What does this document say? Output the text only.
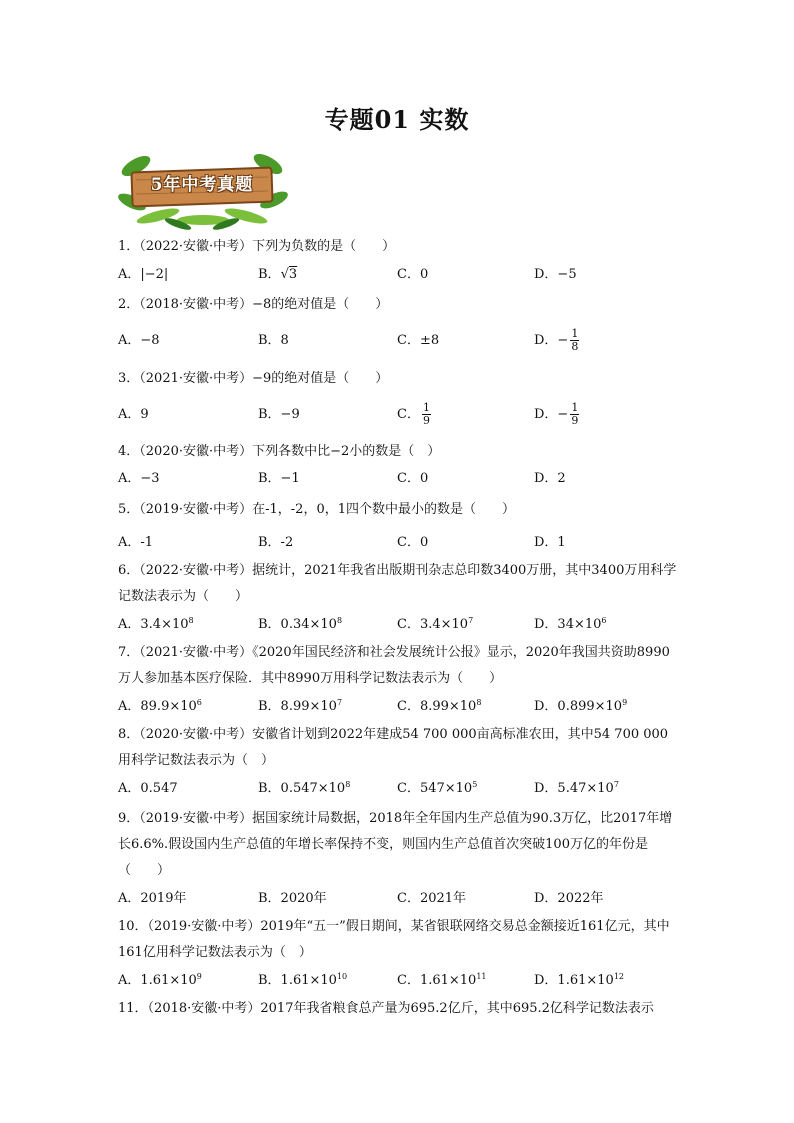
专题01 实数
5年中考真题
1．（2022·安徽·中考）下列为负数的是（　　）
A．|−2|	B．√3	C．0	D．−5
2．（2018·安徽·中考）−8的绝对值是（　　）
A．−8	B．8	C．±8	D．− $\frac{1}{8}$
3．（2021·安徽·中考）−9的绝对值是（　　）
A．9	B．−9	C． $\frac{1}{9}$	D．− $\frac{1}{9}$
4．（2020·安徽·中考）下列各数中比−2小的数是（　）
A．−3	B．−1	C．0	D．2
5．（2019·安徽·中考）在-1，-2，0，1四个数中最小的数是（　　）
A．-1	B．-2	C．0	D．1
6．（2022·安徽·中考）据统计，2021年我省出版期刊杂志总印数3400万册，其中3400万用科学记数法表示为（　　）
A．$3.4\times 10^8$	B．$0.34\times 10^8$	C．$3.4\times 10^7$	D．$34\times 10^6$
7．（2021·安徽·中考）《2020年国民经济和社会发展统计公报》显示，2020年我国共资助8990万人参加基本医疗保险．其中8990万用科学记数法表示为（　　）
A．$89.9\times 10^6$	B．$8.99\times 10^7$	C．$8.99\times 10^8$	D．$0.899\times 10^9$
8．（2020·安徽·中考）安徽省计划到2022年建成54 700 000亩高标准农田，其中54 700 000用科学记数法表示为（　）
A．0.547	B．$0.547\times 10^8$	C．$547\times 10^5$	D．$5.47\times 10^7$
9．（2019·安徽·中考）据国家统计局数据，2018年全年国内生产总值为90.3万亿，比2017年增长6.6%.假设国内生产总值的年增长率保持不变，则国内生产总值首次突破100万亿的年份是（　　）
A．2019年	B．2020年	C．2021年	D．2022年
10．（2019·安徽·中考）2019年“五一”假日期间，某省银联网络交易总金额接近161亿元，其中161亿用科学记数法表示为（　）
A．$1.61\times 10^9$	B．$1.61\times 10^{10}$	C．$1.61\times 10^{11}$	D．$1.61\times 10^{12}$
11．（2018·安徽·中考）2017年我省粮食总产量为695.2亿斤，其中695.2亿科学记数法表示
